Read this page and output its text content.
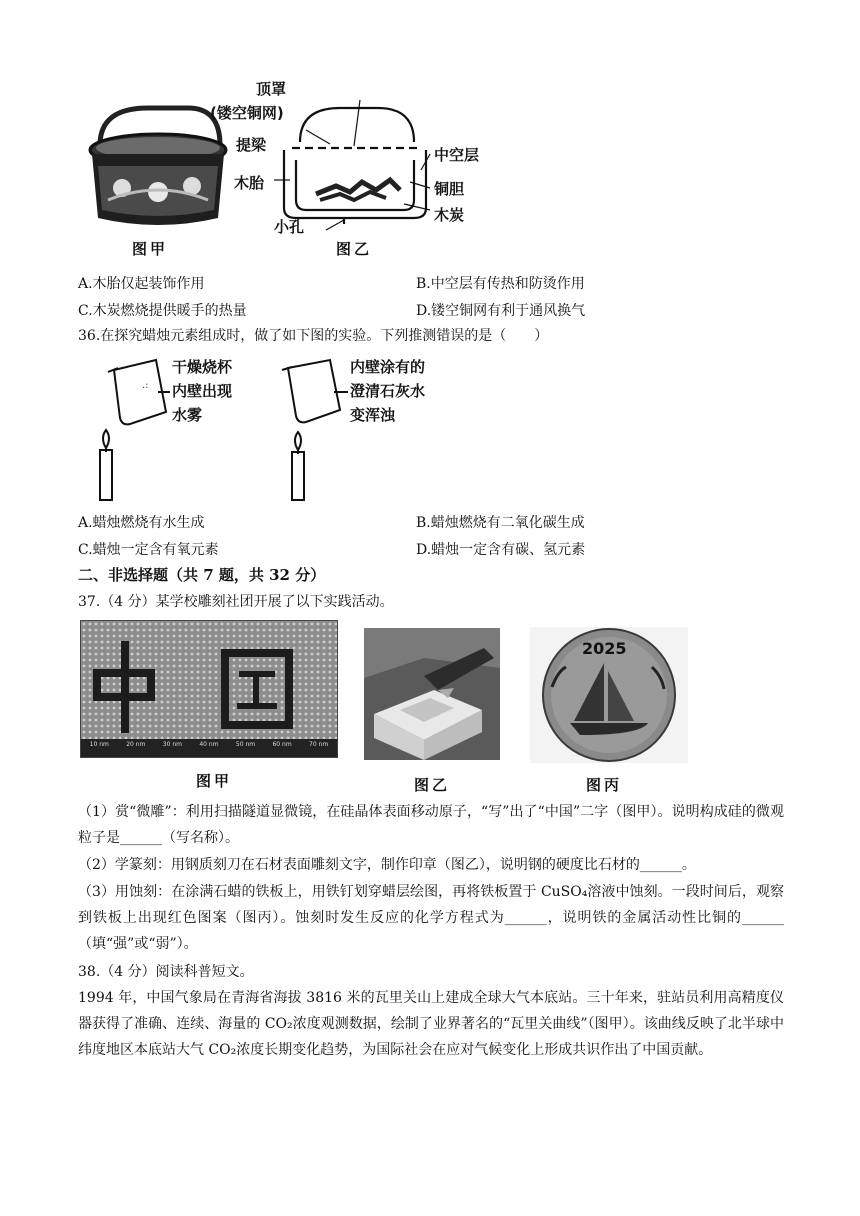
顶罩
(镂空铜网)
提梁
木胎
中空层
铜胆
木炭
小孔
图甲	图乙
A.木胎仅起装饰作用	B.中空层有传热和防烫作用
C.木炭燃烧提供暖手的热量	D.镂空铜网有利于通风换气
36.在探究蜡烛元素组成时，做了如下图的实验。下列推测错误的是（　　）
.:
干燥烧杯
内壁出现
水雾
内壁涂有的
澄清石灰水
变浑浊
A.蜡烛燃烧有水生成	B.蜡烛燃烧有二氧化碳生成
C.蜡烛一定含有氧元素	D.蜡烛一定含有碳、氢元素
二、非选择题（共 7 题，共 32 分）
37.（4 分）某学校雕刻社团开展了以下实践活动。
10 nm	20 nm	30 nm	40 nm	50 nm	60 nm	70 nm
2025
图甲	图乙	图丙
（1）赏“微雕”：利用扫描隧道显微镜，在硅晶体表面移动原子，“写”出了“中国”二字（图甲）。说明构成硅的微观粒子是______（写名称）。
（2）学篆刻：用钢质刻刀在石材表面雕刻文字，制作印章（图乙），说明钢的硬度比石材的______。
（3）用蚀刻：在涂满石蜡的铁板上，用铁钉划穿蜡层绘图，再将铁板置于 CuSO₄溶液中蚀刻。一段时间后，观察到铁板上出现红色图案（图丙）。蚀刻时发生反应的化学方程式为______，说明铁的金属活动性比铜的______（填“强”或“弱”）。
38.（4 分）阅读科普短文。
1994 年，中国气象局在青海省海拔 3816 米的瓦里关山上建成全球大气本底站。三十年来，驻站员利用高精度仪器获得了准确、连续、海量的 CO₂浓度观测数据，绘制了业界著名的“瓦里关曲线”（图甲）。该曲线反映了北半球中纬度地区本底站大气 CO₂浓度长期变化趋势，为国际社会在应对气候变化上形成共识作出了中国贡献。
